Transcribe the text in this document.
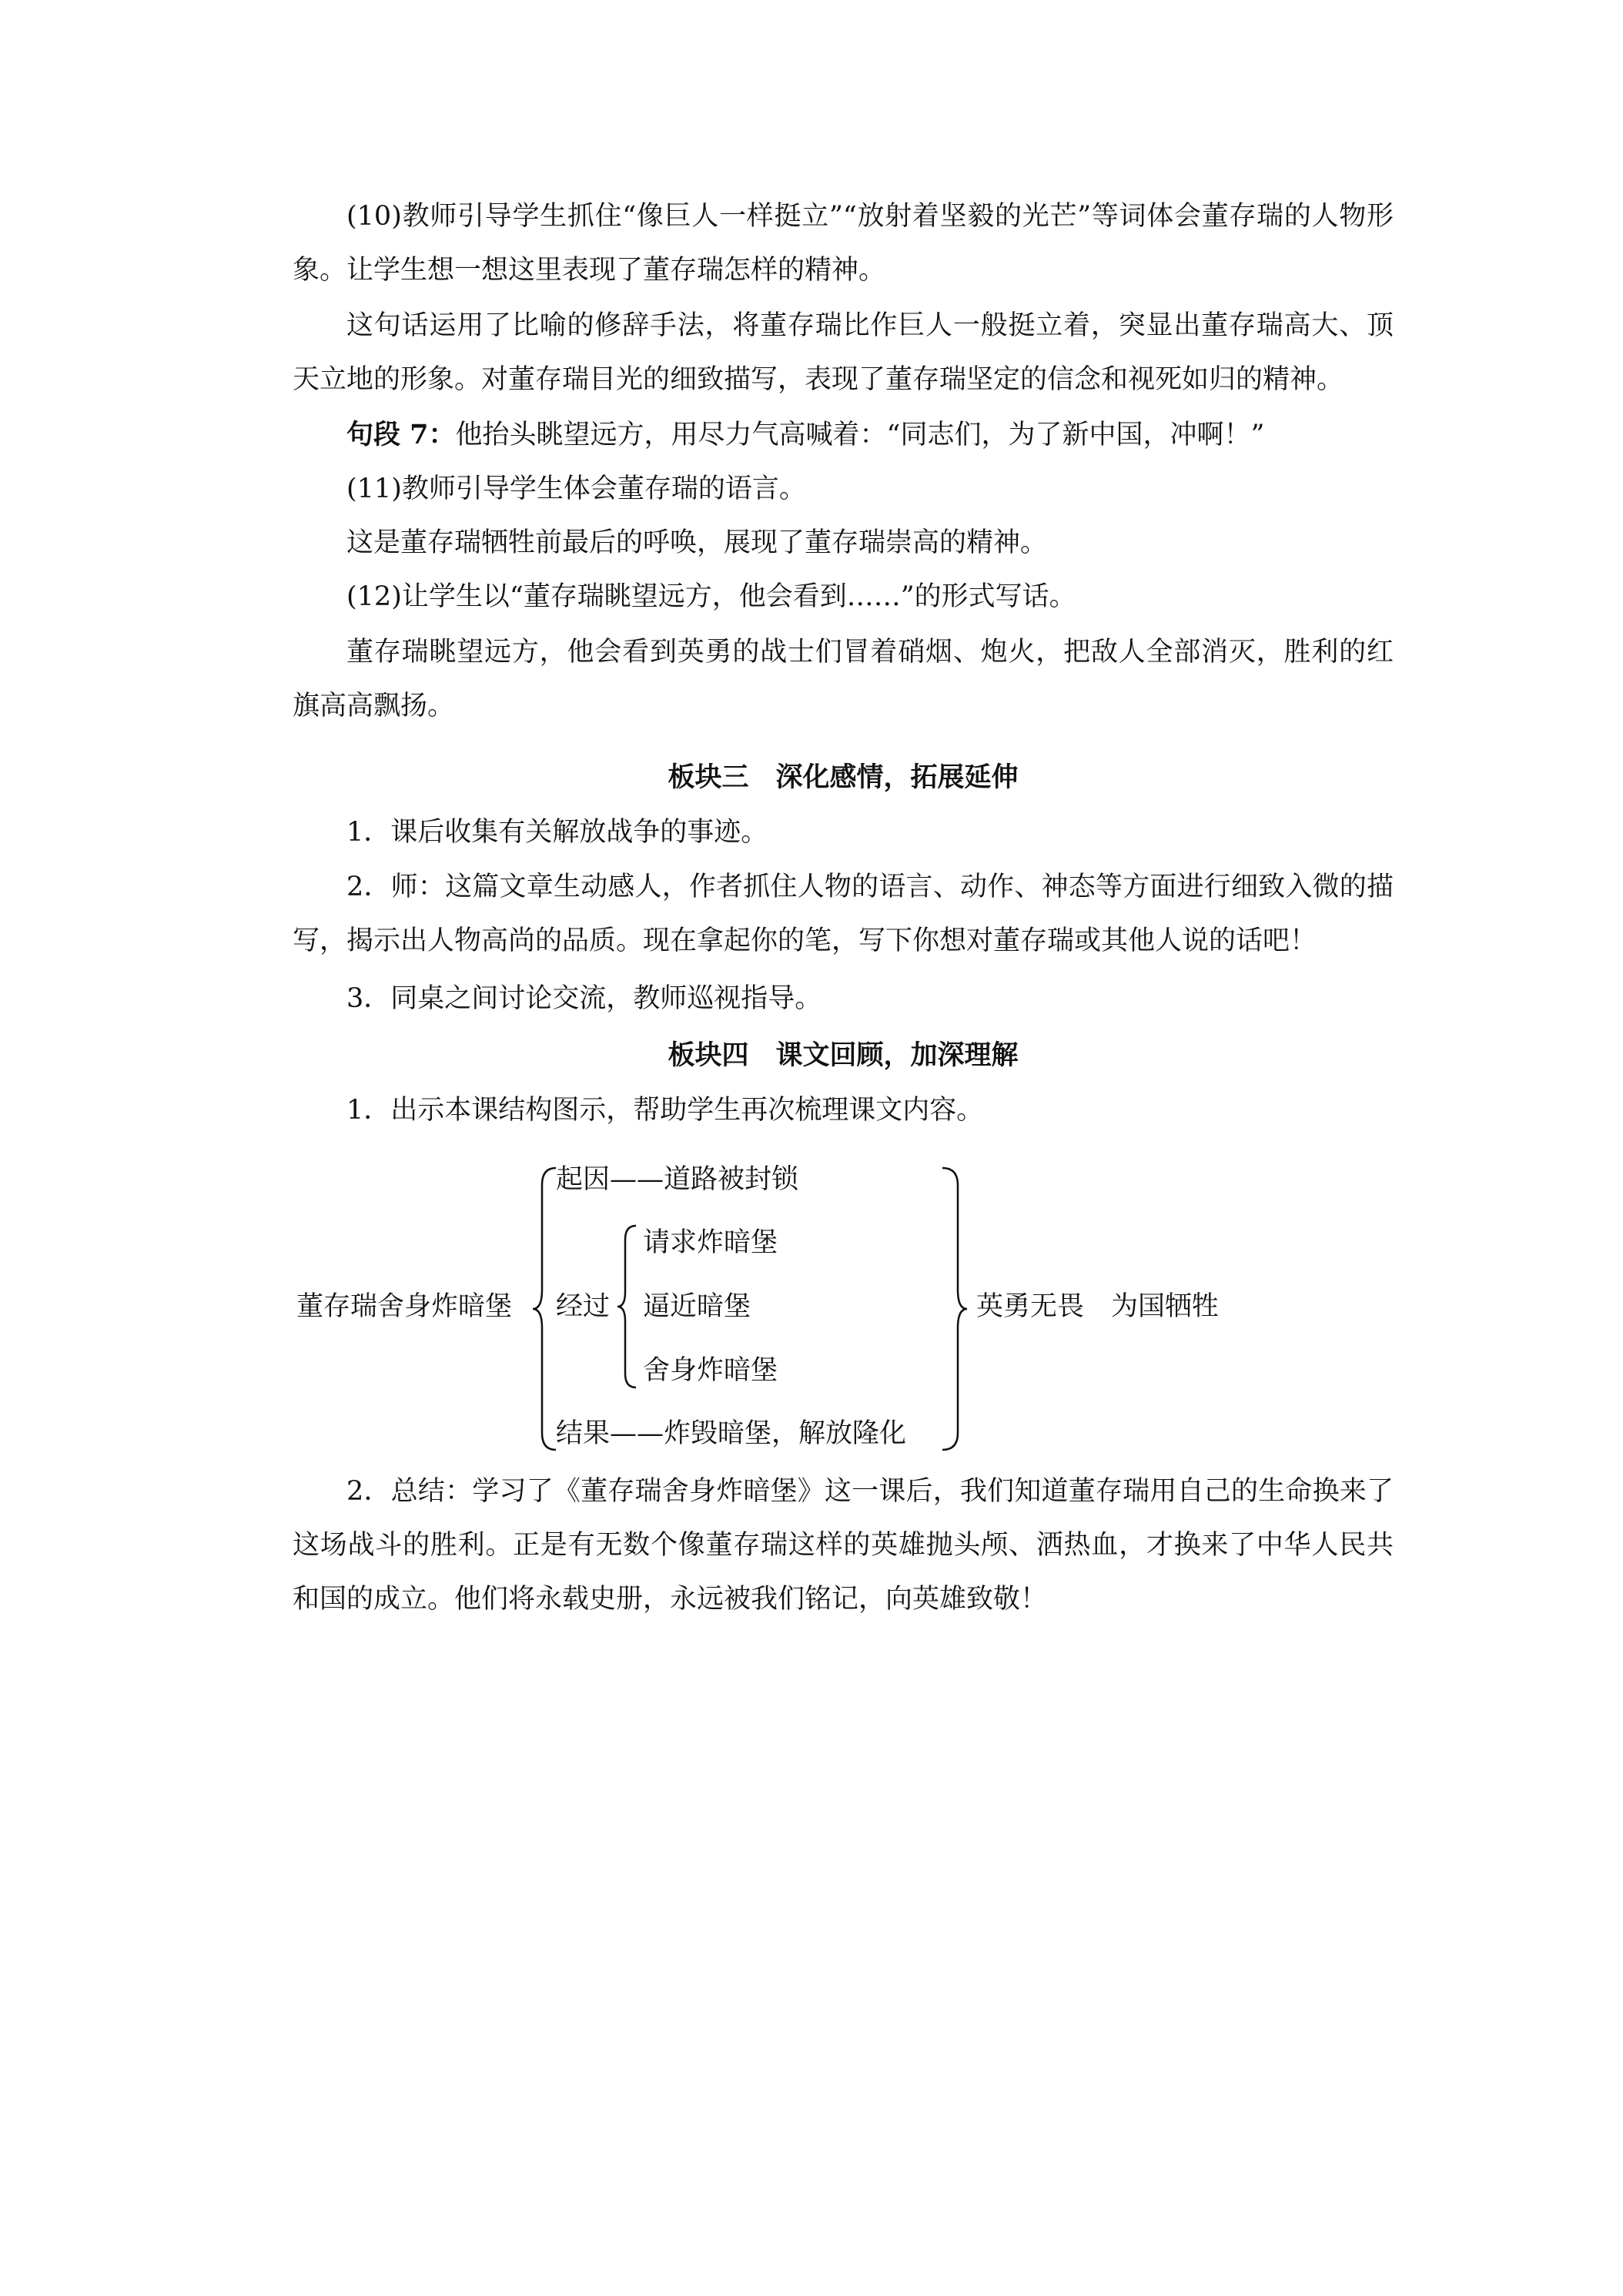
(10)教师引导学生抓住“像巨人一样挺立”“放射着坚毅的光芒”等词体会董存瑞的人物形象。让学生想一想这里表现了董存瑞怎样的精神。

这句话运用了比喻的修辞手法，将董存瑞比作巨人一般挺立着，突显出董存瑞高大、顶天立地的形象。对董存瑞目光的细致描写，表现了董存瑞坚定的信念和视死如归的精神。

句段 7：他抬头眺望远方，用尽力气高喊着：“同志们，为了新中国，冲啊！”

(11)教师引导学生体会董存瑞的语言。

这是董存瑞牺牲前最后的呼唤，展现了董存瑞崇高的精神。

(12)让学生以“董存瑞眺望远方，他会看到……”的形式写话。

董存瑞眺望远方，他会看到英勇的战士们冒着硝烟、炮火，把敌人全部消灭，胜利的红旗高高飘扬。

板块三　深化感情，拓展延伸

1．课后收集有关解放战争的事迹。

2．师：这篇文章生动感人，作者抓住人物的语言、动作、神态等方面进行细致入微的描写，揭示出人物高尚的品质。现在拿起你的笔，写下你想对董存瑞或其他人说的话吧！

3．同桌之间讨论交流，教师巡视指导。

板块四　课文回顾，加深理解

1．出示本课结构图示，帮助学生再次梳理课文内容。

董存瑞舍身炸暗堡
起因——道路被封锁
经过
请求炸暗堡
逼近暗堡
舍身炸暗堡
结果——炸毁暗堡，解放隆化
英勇无畏　为国牺牲

2．总结：学习了《董存瑞舍身炸暗堡》这一课后，我们知道董存瑞用自己的生命换来了这场战斗的胜利。正是有无数个像董存瑞这样的英雄抛头颅、洒热血，才换来了中华人民共和国的成立。他们将永载史册，永远被我们铭记，向英雄致敬！
